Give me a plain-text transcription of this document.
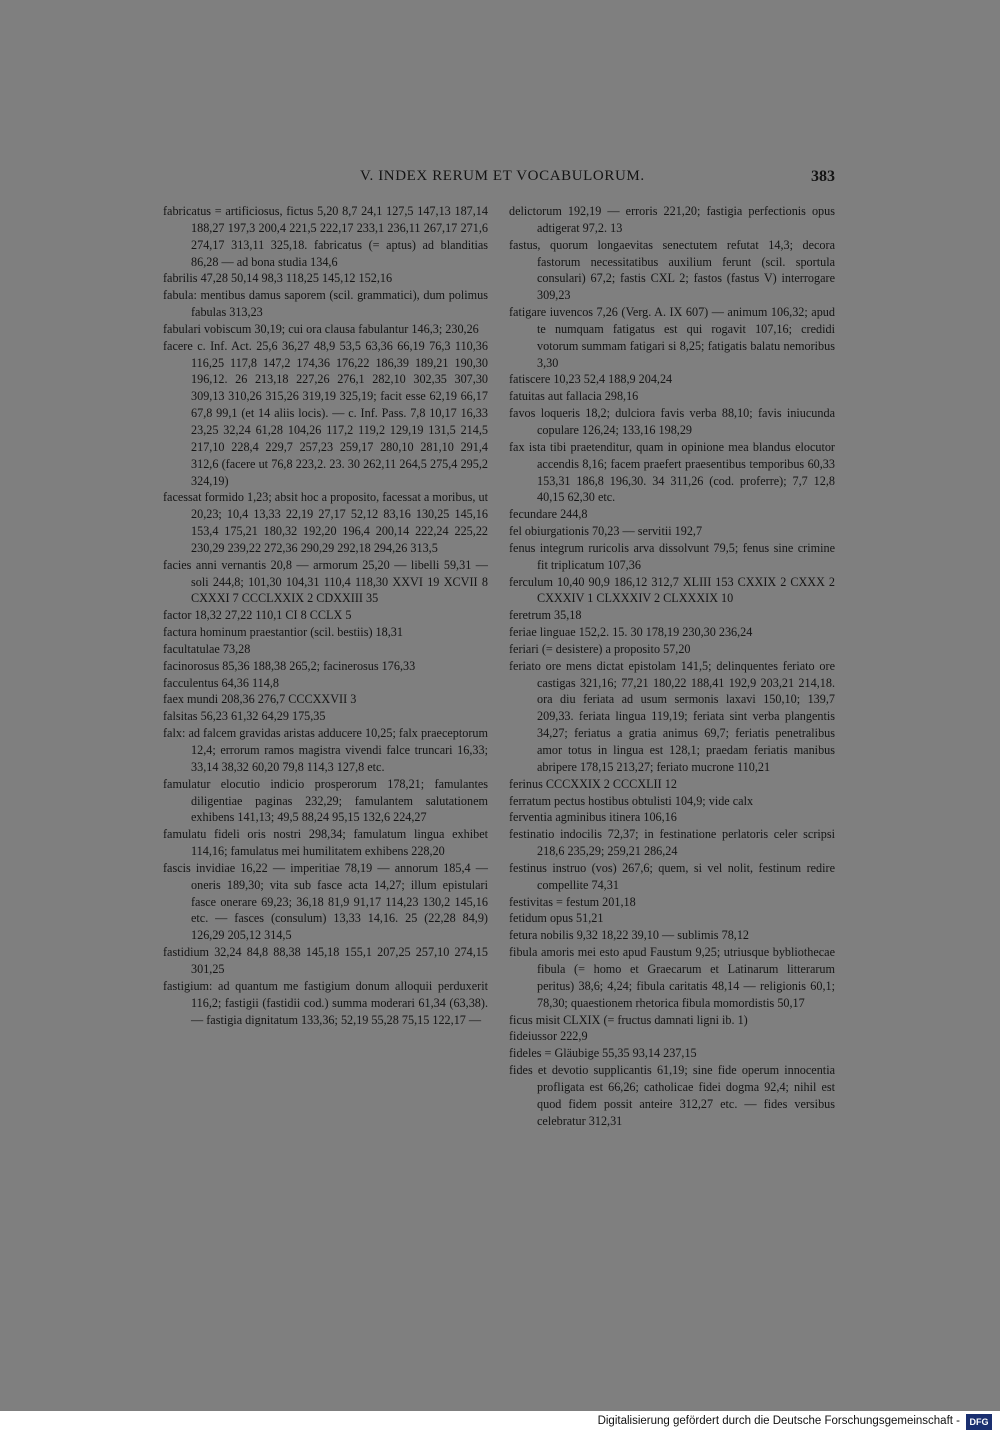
V. INDEX RERUM ET VOCABULORUM.	383
fabricatus = artificiosus, fictus 5,20 8,7 24,1 127,5 147,13 187,14 188,27 197,3 200,4 221,5 222,17 233,1 236,11 267,17 271,6 274,17 313,11 325,18. fabricatus (= aptus) ad blanditias 86,28 — ad bona studia 134,6
fabrilis 47,28 50,14 98,3 118,25 145,12 152,16
fabula: mentibus damus saporem (scil. grammatici), dum polimus fabulas 313,23
fabulari vobiscum 30,19; cui ora clausa fabulantur 146,3; 230,26
facere c. Inf. Act. 25,6 36,27 48,9 53,5 63,36 66,19 76,3 110,36 116,25 117,8 147,2 174,36 176,22 186,39 189,21 190,30 196,12. 26 213,18 227,26 276,1 282,10 302,35 307,30 309,13 310,26 315,26 319,19 325,19; facit esse 62,19 66,17 67,8 99,1 (et 14 aliis locis). — c. Inf. Pass. 7,8 10,17 16,33 23,25 32,24 61,28 104,26 117,2 119,2 129,19 131,5 214,5 217,10 228,4 229,7 257,23 259,17 280,10 281,10 291,4 312,6 (facere ut 76,8 223,2. 23. 30 262,11 264,5 275,4 295,2 324,19)
facessat formido 1,23; absit hoc a proposito, facessat a moribus, ut 20,23; 10,4 13,33 22,19 27,17 52,12 83,16 130,25 145,16 153,4 175,21 180,32 192,20 196,4 200,14 222,24 225,22 230,29 239,22 272,36 290,29 292,18 294,26 313,5
facies anni vernantis 20,8 — armorum 25,20 — libelli 59,31 — soli 244,8; 101,30 104,31 110,4 118,30 XXVI 19 XCVII 8 CXXXI 7 CCCLXXIX 2 CDXXIII 35
factor 18,32 27,22 110,1 CI 8 CCLX 5
factura hominum praestantior (scil. bestiis) 18,31
facultatulae 73,28
facinorosus 85,36 188,38 265,2; facinerosus 176,33
facculentus 64,36 114,8
faex mundi 208,36 276,7 CCCXXVII 3
falsitas 56,23 61,32 64,29 175,35
falx: ad falcem gravidas aristas adducere 10,25; falx praeceptorum 12,4; errorum ramos magistra vivendi falce truncari 16,33; 33,14 38,32 60,20 79,8 114,3 127,8 etc.
famulatur elocutio indicio prosperorum 178,21; famulantes diligentiae paginas 232,29; famulantem salutationem exhibens 141,13; 49,5 88,24 95,15 132,6 224,27
famulatu fideli oris nostri 298,34; famulatum lingua exhibet 114,16; famulatus mei humilitatem exhibens 228,20
fascis invidiae 16,22 — imperitiae 78,19 — annorum 185,4 — oneris 189,30; vita sub fasce acta 14,27; illum epistulari fasce onerare 69,23; 36,18 81,9 91,17 114,23 130,2 145,16 etc. — fasces (consulum) 13,33 14,16. 25 (22,28 84,9) 126,29 205,12 314,5
fastidium 32,24 84,8 88,38 145,18 155,1 207,25 257,10 274,15 301,25
fastigium: ad quantum me fastigium donum alloquii perduxerit 116,2; fastigii (fastidii cod.) summa moderari 61,34 (63,38). — fastigia dignitatum 133,36; 52,19 55,28 75,15 122,17 —
delictorum 192,19 — erroris 221,20; fastigia perfectionis opus adtigerat 97,2. 13
fastus, quorum longaevitas senectutem refutat 14,3; decora fastorum necessitatibus auxilium ferunt (scil. sportula consulari) 67,2; fastis CXL 2; fastos (fastus V) interrogare 309,23
fatigare iuvencos 7,26 (Verg. A. IX 607) — animum 106,32; apud te numquam fatigatus est qui rogavit 107,16; credidi votorum summam fatigari si 8,25; fatigatis balatu nemoribus 3,30
fatiscere 10,23 52,4 188,9 204,24
fatuitas aut fallacia 298,16
favos loqueris 18,2; dulciora favis verba 88,10; favis iniucunda copulare 126,24; 133,16 198,29
fax ista tibi praetenditur, quam in opinione mea blandus elocutor accendis 8,16; facem praefert praesentibus temporibus 60,33 153,31 186,8 196,30. 34 311,26 (cod. proferre); 7,7 12,8 40,15 62,30 etc.
fecundare 244,8
fel obiurgationis 70,23 — servitii 192,7
fenus integrum ruricolis arva dissolvunt 79,5; fenus sine crimine fit triplicatum 107,36
ferculum 10,40 90,9 186,12 312,7 XLIII 153 CXXIX 2 CXXX 2 CXXXIV 1 CLXXXIV 2 CLXXXIX 10
feretrum 35,18
feriae linguae 152,2. 15. 30 178,19 230,30 236,24
feriari (= desistere) a proposito 57,20
feriato ore mens dictat epistolam 141,5; delinquentes feriato ore castigas 321,16; 77,21 180,22 188,41 192,9 203,21 214,18. ora diu feriata ad usum sermonis laxavi 150,10; 139,7 209,33. feriata lingua 119,19; feriata sint verba plangentis 34,27; feriatus a gratia animus 69,7; feriatis penetralibus amor totus in lingua est 128,1; praedam feriatis manibus abripere 178,15 213,27; feriato mucrone 110,21
ferinus CCCXXIX 2 CCCXLII 12
ferratum pectus hostibus obtulisti 104,9; vide calx
ferventia agminibus itinera 106,16
festinatio indocilis 72,37; in festinatione perlatoris celer scripsi 218,6 235,29; 259,21 286,24
festinus instruo (vos) 267,6; quem, si vel nolit, festinum redire compellite 74,31
festivitas = festum 201,18
fetidum opus 51,21
fetura nobilis 9,32 18,22 39,10 — sublimis 78,12
fibula amoris mei esto apud Faustum 9,25; utriusque bybliothecae fibula (= homo et Graecarum et Latinarum litterarum peritus) 38,6; 4,24; fibula caritatis 48,14 — religionis 60,1; 78,30; quaestionem rhetorica fibula momordistis 50,17
ficus misit CLXIX (= fructus damnati ligni ib. 1)
fideiussor 222,9
fideles = Gläubige 55,35 93,14 237,15
fides et devotio supplicantis 61,19; sine fide operum innocentia profligata est 66,26; catholicae fidei dogma 92,4; nihil est quod fidem possit anteire 312,27 etc. — fides versibus celebratur 312,31
Digitalisierung gefördert durch die Deutsche Forschungsgemeinschaft -	DFG
